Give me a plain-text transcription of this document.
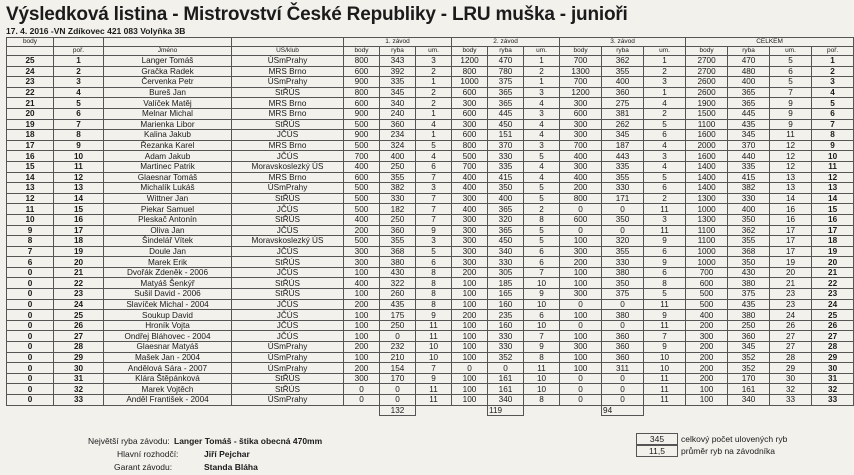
Výsledková listina - Mistrovství České Republiky - LRU muška - junioři
17. 4. 2016 -VN Zdíkovec 421 083 Volyňka 3B
body				1. závod			2. závod			3. závod			CELKEM			
	poř.	Jméno	ÚS/klub	body	ryba	um.	body	ryba	um.	body	ryba	um.	body	ryba	um.	poř.
25	1	Langer Tomáš	ÚSmPrahy	800	343	3	1200	470	1	700	362	1	2700	470	5	1
24	2	Gračka Radek	MRS Brno	600	392	2	800	780	2	1300	355	2	2700	480	6	2
23	3	Červenka Petr	ÚSmPrahy	900	335	1	1000	375	1	700	400	3	2600	400	5	3
22	4	Bureš Jan	StŘÚS	800	345	2	600	365	3	1200	360	1	2600	365	7	4
21	5	Valíček Matěj	MRS Brno	600	340	2	300	365	4	300	275	4	1900	365	9	5
20	6	Melnar Michal	MRS Brno	900	240	1	600	445	3	600	381	2	1500	445	9	6
19	7	Marienka Libor	StŘÚS	500	360	4	300	450	4	300	262	5	1100	435	9	7
18	8	Kalina Jakub	JČÚS	900	234	1	600	151	4	300	345	6	1600	345	11	8
17	9	Řezanka Karel	MRS Brno	500	324	5	800	370	3	700	187	4	2000	370	12	9
16	10	Adam Jakub	JČÚS	700	400	4	500	330	5	400	443	3	1600	440	12	10
15	11	Martinec Patrik	Moravskoslezký ÚS	400	250	6	700	335	4	300	335	4	1400	335	12	11
14	12	Glaesnar Tomáš	MRS Brno	600	355	7	400	415	4	400	355	5	1400	415	13	12
13	13	Michalík Lukáš	ÚSmPrahy	500	382	3	400	350	5	200	330	6	1400	382	13	13
12	14	Wittner Jan	StŘÚS	500	330	7	300	400	5	800	171	2	1300	330	14	14
11	15	Piekar Samuel	JČÚS	500	182	7	400	365	2	0	0	11	1000	400	16	15
10	16	Pleskač Antonín	StŘÚS	400	250	7	300	320	8	600	350	3	1300	350	16	16
9	17	Oliva Jan	JČÚS	200	360	9	300	365	5	0	0	11	1100	362	17	17
8	18	Šindelář Vítek	Moravskoslezký ÚS	500	355	3	300	450	5	100	320	9	1100	355	17	18
7	19	Doule Jan	JČÚS	300	368	5	300	340	6	300	355	6	1000	368	17	19
6	20	Marek Erik	StŘÚS	300	380	6	300	330	6	200	330	9	1000	350	19	20
0	21	Dvořák Zdeněk - 2006	JČÚS	100	430	8	200	305	7	100	380	6	700	430	20	21
0	22	Matyáš Šenkýř	StŘÚS	400	322	8	100	185	10	100	350	8	600	380	21	22
0	23	Sušil David - 2006	StŘÚS	100	260	8	100	165	9	300	375	5	500	375	23	23
0	24	Slavíček Michal - 2004	JČÚS	200	435	8	100	160	10	0	0	11	500	435	23	24
0	25	Soukup David	JČÚS	100	175	9	200	235	6	100	380	9	400	380	24	25
0	26	Hroník Vojta	JČÚS	100	250	11	100	160	10	0	0	11	200	250	26	26
0	27	Ondřej Bláhovec - 2004	JČÚS	100	0	11	100	330	7	100	360	7	300	360	27	27
0	28	Glaesnar Matyáš	ÚSmPrahy	200	232	10	100	330	9	300	360	9	200	345	27	28
0	29	Mašek Jan - 2004	ÚSmPrahy	100	210	10	100	352	8	100	360	10	200	352	28	29
0	30	Andělová Sára - 2007	ÚSmPrahy	200	154	7	0	0	11	100	311	10	200	352	29	30
0	31	Klára Štěpánková	StŘÚS	300	170	9	100	161	10	0	0	11	200	170	30	31
0	32	Marek Vojtěch	StŘÚS	0	0	11	100	161	10	0	0	11	100	161	32	32
0	33	Anděl František - 2004	ÚSmPrahy	0	0	11	100	340	8	0	0	11	100	340	33	33
					132			119			94					
Největší ryba závodu: Langer Tomáš - štika obecná 470mm
Hlavní rozhodčí:	Jiří Pejchar
Garant závodu:	Standa Bláha
345	celkový počet ulovených ryb
11,5	průměr ryb na závodníka
